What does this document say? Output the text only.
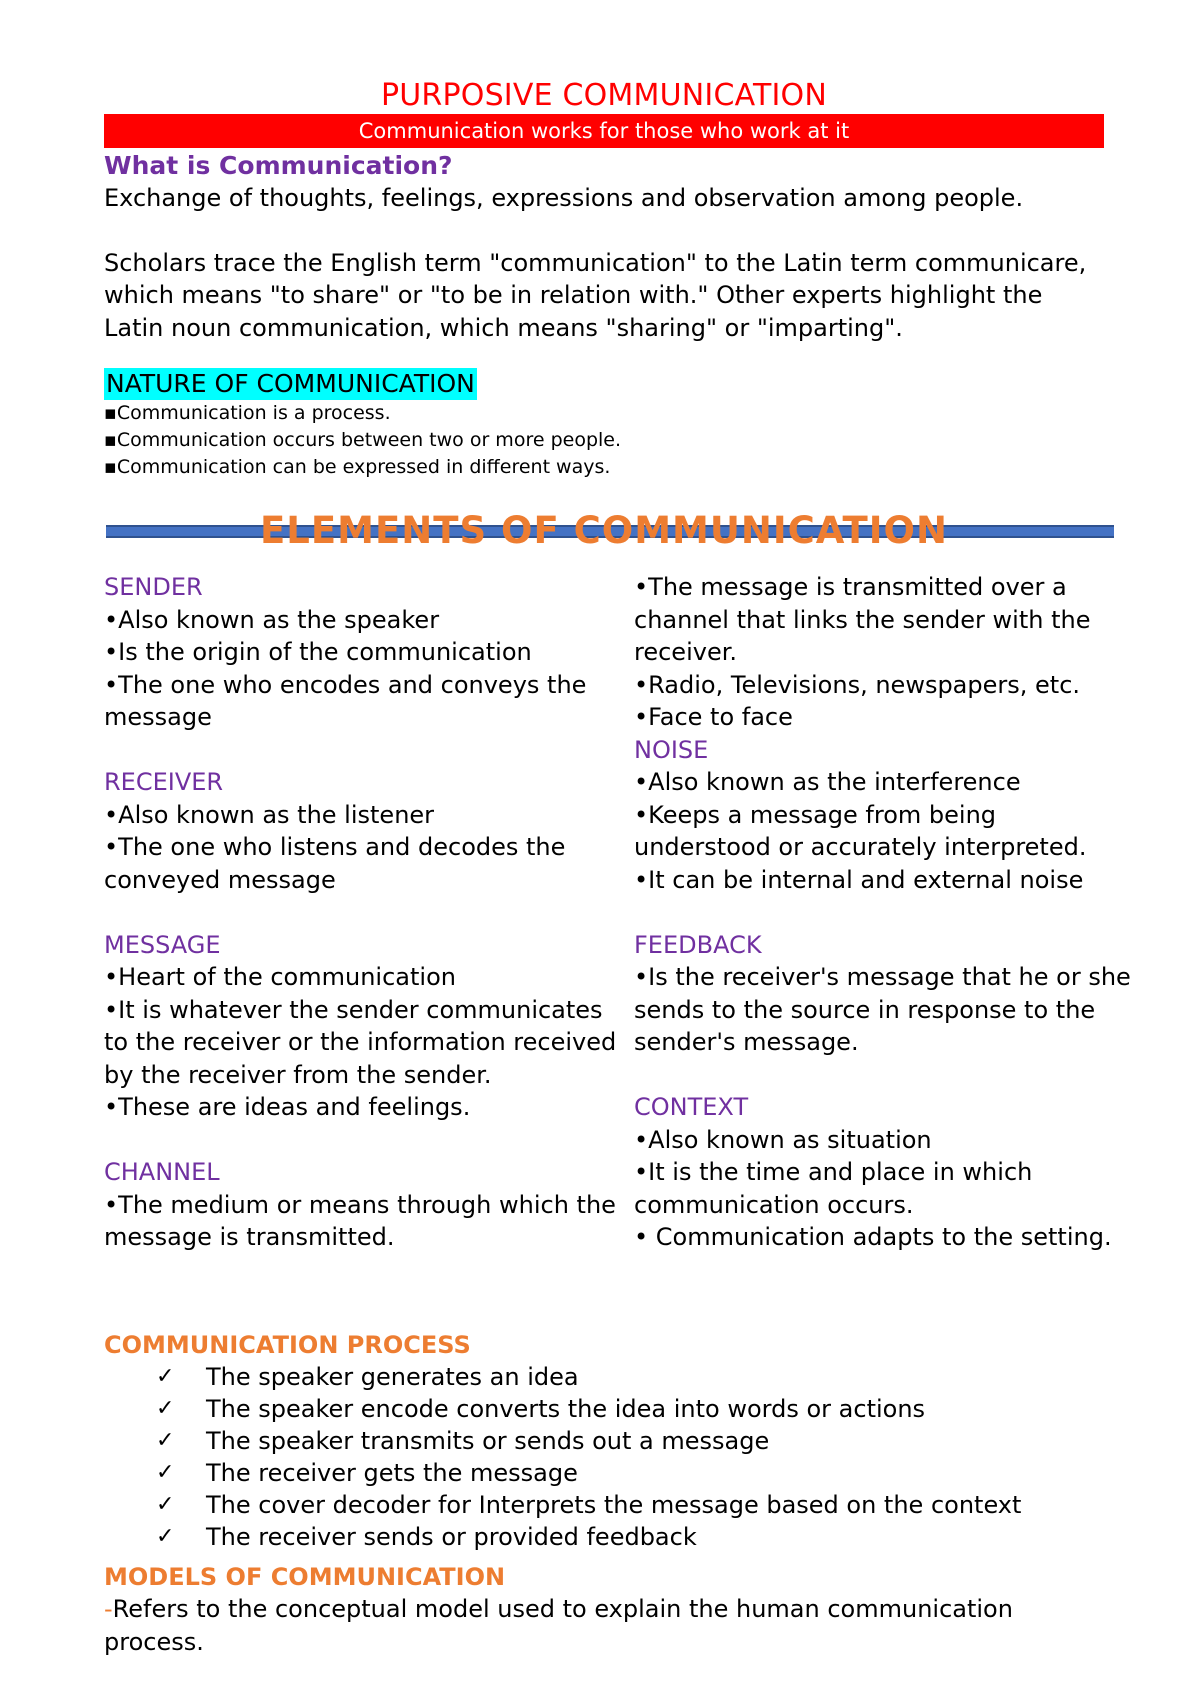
PURPOSIVE COMMUNICATION
Communication works for those who work at it
What is Communication?

Exchange of thoughts, feelings, expressions and observation among people.

Scholars trace the English term "communication" to the Latin term communicare, which means "to share" or "to be in relation with." Other experts highlight the Latin noun communication, which means "sharing" or "imparting".

NATURE OF COMMUNICATION

▪Communication is a process.

▪Communication occurs between two or more people.

▪Communication can be expressed in different ways.

ELEMENTS OF COMMUNICATION

SENDER

•Also known as the speaker

•Is the origin of the communication

•The one who encodes and conveys the message

RECEIVER

•Also known as the listener

•The one who listens and decodes the conveyed message

MESSAGE

•Heart of the communication

•It is whatever the sender communicates to the receiver or the information received by the receiver from the sender.

•These are ideas and feelings.

CHANNEL

•The medium or means through which the message is transmitted.

•The message is transmitted over a channel that links the sender with the receiver.

•Radio, Televisions, newspapers, etc.

•Face to face

NOISE

•Also known as the interference

•Keeps a message from being understood or accurately interpreted.

•It can be internal and external noise

FEEDBACK

•Is the receiver's message that he or she sends to the source in response to the sender's message.

CONTEXT

•Also known as situation

•It is the time and place in which communication occurs.

• Communication adapts to the setting.

COMMUNICATION PROCESS

✓ The speaker generates an idea
✓ The speaker encode converts the idea into words or actions
✓ The speaker transmits or sends out a message
✓ The receiver gets the message
✓ The cover decoder for Interprets the message based on the context
✓ The receiver sends or provided feedback

MODELS OF COMMUNICATION

-Refers to the conceptual model used to explain the human communication process.
